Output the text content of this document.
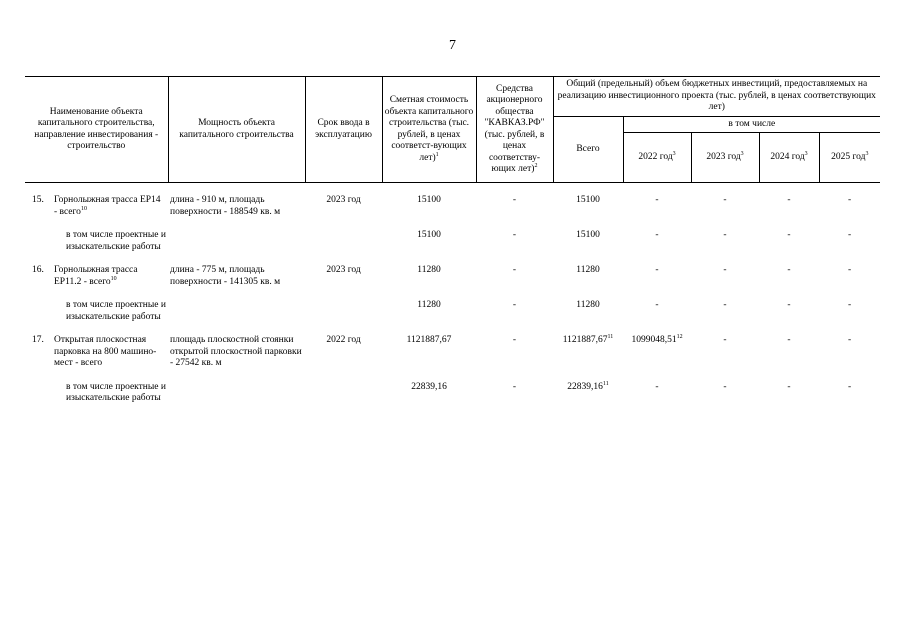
7
Наименование объекта капитального строительства, направление инвестирования - строительство	Мощность объекта капитального строительства	Срок ввода в эксплуатацию	Сметная стоимость объекта капитального строительства (тыс. рублей, в ценах соответст-вующих лет)$^1$	Средства акционерного общества "КАВКАЗ.РФ" (тыс. рублей, в ценах соответству-ющих лет)$^2$	Общий (предельный) объем бюджетных инвестиций, предоставляемых на реализацию инвестиционного проекта (тыс. рублей, в ценах соответствующих лет)				
					Всего	в том числе			
						2022 год$^3$	2023 год$^3$	2024 год$^3$	2025 год$^3$

15. Горнолыжная трасса ЕР14 - всего$^{10}$	длина - 910 м, площадь поверхности - 188549 кв. м	2023 год	15100	-	15100	-	-	-	-

в том числе проектные и изыскательские работы			15100	-	15100	-	-	-	-

16. Горнолыжная трасса ЕР11.2 - всего$^{10}$	длина - 775 м, площадь поверхности - 141305 кв. м	2023 год	11280	-	11280	-	-	-	-

в том числе проектные и изыскательские работы			11280	-	11280	-	-	-	-

17. Открытая плоскостная парковка на 800 машино-мест - всего	площадь плоскостной стоянки открытой плоскостной парковки - 27542 кв. м	2022 год	1121887,67	-	1121887,67$^{11}$	1099048,51$^{12}$	-	-	-

в том числе проектные и изыскательские работы			22839,16	-	22839,16$^{11}$	-	-	-	-
